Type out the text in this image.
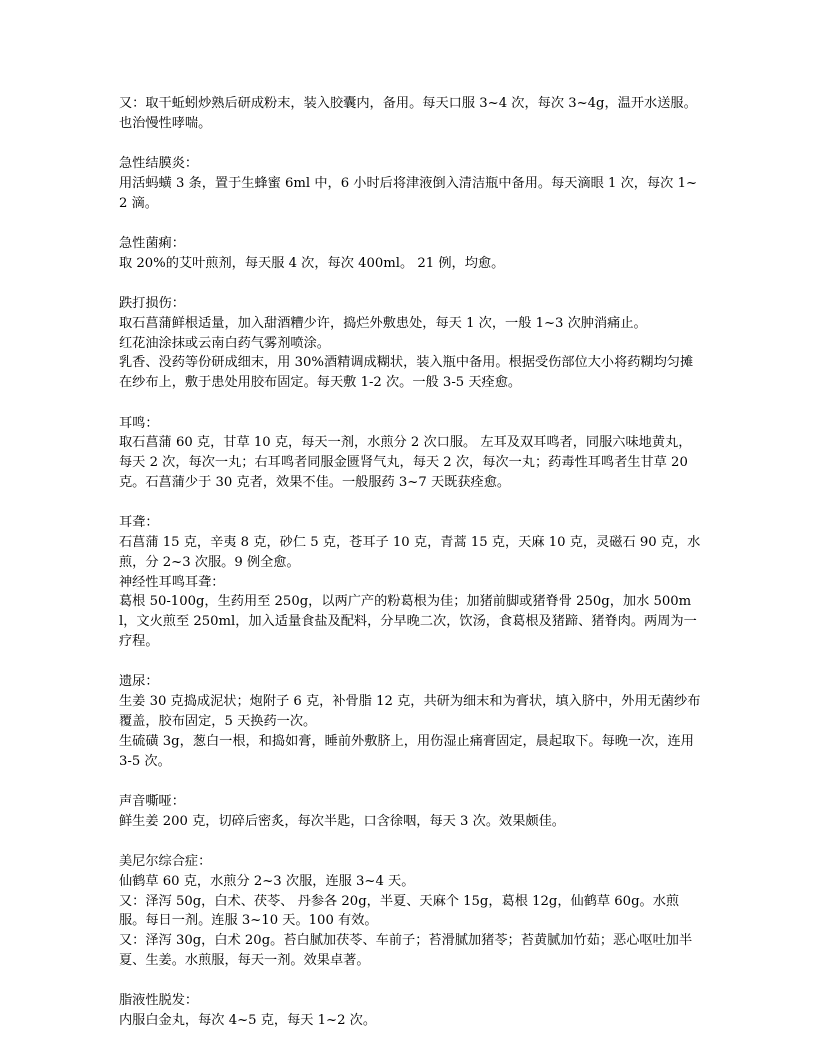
又：取干蚯蚓炒熟后研成粉末，装入胶囊内，备用。每天口服 3~4 次，每次 3~4g，温开水送服。也治慢性哮喘。
急性结膜炎：
用活蚂蟥 3 条，置于生蜂蜜 6ml 中，6 小时后将津液倒入清洁瓶中备用。每天滴眼 1 次，每次 1~2 滴。
急性菌痢：
取 20%的艾叶煎剂，每天服 4 次，每次 400ml。 21 例，均愈。
跌打损伤：
取石菖蒲鲜根适量，加入甜酒糟少许，捣烂外敷患处，每天 1 次，一般 1~3 次肿消痛止。
红花油涂抹或云南白药气雾剂喷涂。
乳香、没药等份研成细末，用 30%酒精调成糊状，装入瓶中备用。根据受伤部位大小将药糊均匀摊在纱布上，敷于患处用胶布固定。每天敷 1-2 次。一般 3-5 天痊愈。
耳鸣：
取石菖蒲 60 克，甘草 10 克，每天一剂，水煎分 2 次口服。 左耳及双耳鸣者，同服六味地黄丸，每天 2 次，每次一丸；右耳鸣者同服金匮肾气丸，每天 2 次，每次一丸；药毒性耳鸣者生甘草 20 克。石菖蒲少于 30 克者，效果不佳。一般服药 3~7 天既获痊愈。
耳聋：
石菖蒲 15 克，辛夷 8 克，砂仁 5 克，苍耳子 10 克，青蒿 15 克，天麻 10 克，灵磁石 90 克，水煎，分 2~3 次服。9 例全愈。
神经性耳鸣耳聋：
葛根 50-100g，生药用至 250g，以两广产的粉葛根为佳；加猪前脚或猪脊骨 250g，加水 500ml，文火煎至 250ml，加入适量食盐及配料，分早晚二次，饮汤，食葛根及猪蹄、猪脊肉。两周为一疗程。
遗尿：
生姜 30 克捣成泥状；炮附子 6 克，补骨脂 12 克，共研为细末和为膏状，填入脐中，外用无菌纱布覆盖，胶布固定，5 天换药一次。
生硫磺 3g，葱白一根，和捣如膏，睡前外敷脐上，用伤湿止痛膏固定，晨起取下。每晚一次，连用 3-5 次。
声音嘶哑：
鲜生姜 200 克，切碎后密炙，每次半匙，口含徐咽，每天 3 次。效果颇佳。
美尼尔综合症：
仙鹤草 60 克，水煎分 2~3 次服，连服 3~4 天。
又：泽泻 50g，白术、茯苓、 丹参各 20g，半夏、天麻个 15g，葛根 12g，仙鹤草 60g。水煎服。每日一剂。连服 3~10 天。100 有效。
又：泽泻 30g，白术 20g。苔白腻加茯苓、车前子；苔滑腻加猪苓；苔黄腻加竹茹；恶心呕吐加半夏、生姜。水煎服，每天一剂。效果卓著。
脂液性脱发：
内服白金丸，每次 4~5 克，每天 1~2 次。
